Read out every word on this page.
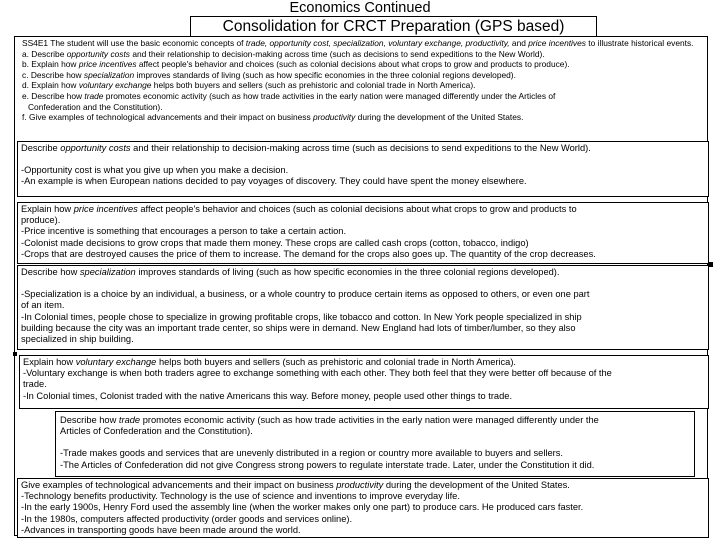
Economics Continued
Consolidation for CRCT Preparation (GPS based)

SS4E1 The student will use the basic economic concepts of trade, opportunity cost, specialization, voluntary exchange, productivity, and price incentives to illustrate historical events.

a. Describe opportunity costs and their relationship to decision-making across time (such as decisions to send expeditions to the New World).

b. Explain how price incentives affect people's behavior and choices (such as colonial decisions about what crops to grow and products to produce).

c. Describe how specialization improves standards of living (such as how specific economies in the three colonial regions developed).

d. Explain how voluntary exchange helps both buyers and sellers (such as prehistoric and colonial trade in North America).

e. Describe how trade promotes economic activity (such as how trade activities in the early nation were managed differently under the Articles of

Confederation and the Constitution).

f. Give examples of technological advancements and their impact on business productivity during the development of the United States.

Describe opportunity costs and their relationship to decision-making across time (such as decisions to send expeditions to the New World).

-Opportunity cost is what you give up when you make a decision.

-An example is when European nations decided to pay voyages of discovery. They could have spent the money elsewhere.

Explain how price incentives affect people's behavior and choices (such as colonial decisions about what crops to grow and products to

produce).

-Price incentive is something that encourages a person to take a certain action.

-Colonist made decisions to grow crops that made them money. These crops are called cash crops (cotton, tobacco, indigo)

-Crops that are destroyed causes the price of them to increase. The demand for the crops also goes up. The quantity of the crop decreases.

Describe how specialization improves standards of living (such as how specific economies in the three colonial regions developed).

-Specialization is a choice by an individual, a business, or a whole country to produce certain items as opposed to others, or even one part

of an item.

-In Colonial times, people chose to specialize in growing profitable crops, like tobacco and cotton. In New York people specialized in ship

building because the city was an important trade center, so ships were in demand. New England had lots of timber/lumber, so they also

specialized in ship building.

Explain how voluntary exchange helps both buyers and sellers (such as prehistoric and colonial trade in North America).

-Voluntary exchange is when both traders agree to exchange something with each other. They both feel that they were better off because of the

trade.

-In Colonial times, Colonist traded with the native Americans this way. Before money, people used other things to trade.

Describe how trade promotes economic activity (such as how trade activities in the early nation were managed differently under the

Articles of Confederation and the Constitution).

-Trade makes goods and services that are unevenly distributed in a region or country more available to buyers and sellers.

-The Articles of Confederation did not give Congress strong powers to regulate interstate trade. Later, under the Constitution it did.

Give examples of technological advancements and their impact on business productivity during the development of the United States.

-Technology benefits productivity. Technology is the use of science and inventions to improve everyday life.

-In the early 1900s, Henry Ford used the assembly line (when the worker makes only one part) to produce cars. He produced cars faster.

-In the 1980s, computers affected productivity (order goods and services online).

-Advances in transporting goods have been made around the world.
